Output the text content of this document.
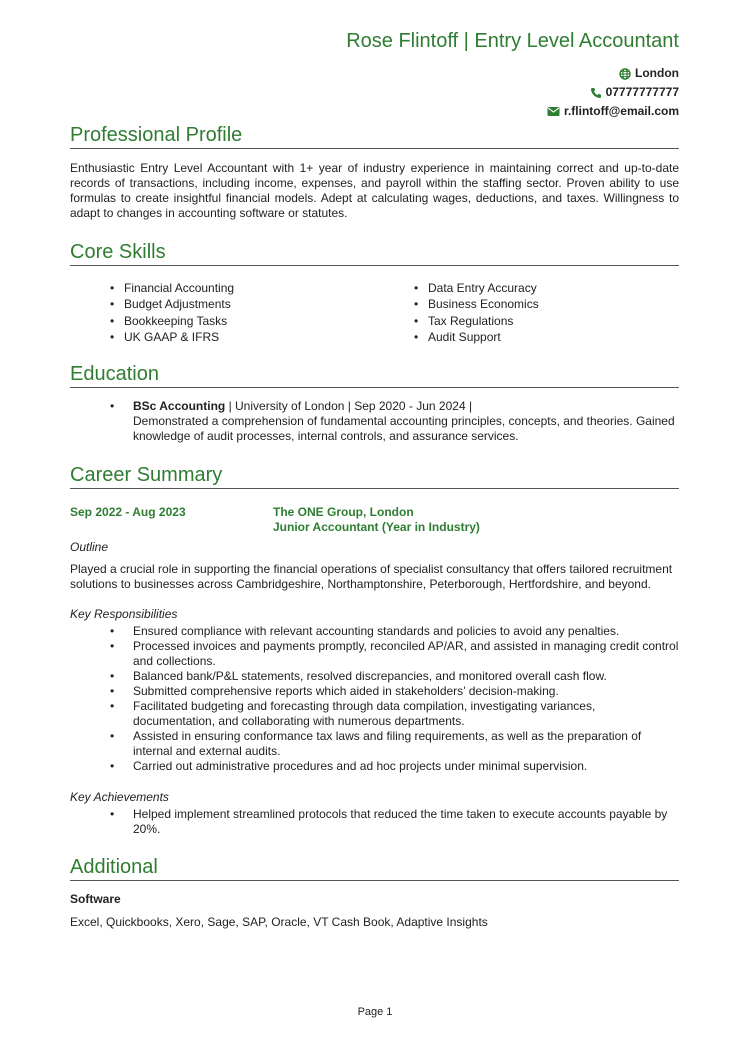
Rose Flintoff | Entry Level Accountant
London
07777777777
r.flintoff@email.com
Professional Profile
Enthusiastic Entry Level Accountant with 1+ year of industry experience in maintaining correct and up-to-date records of transactions, including income, expenses, and payroll within the staffing sector. Proven ability to use formulas to create insightful financial models. Adept at calculating wages, deductions, and taxes. Willingness to adapt to changes in accounting software or statutes.
Core Skills
• Financial Accounting
• Budget Adjustments
• Bookkeeping Tasks
• UK GAAP & IFRS
• Data Entry Accuracy
• Business Economics
• Tax Regulations
• Audit Support
Education
• BSc Accounting | University of London | Sep 2020 - Jun 2024 |
Demonstrated a comprehension of fundamental accounting principles, concepts, and theories. Gained
knowledge of audit processes, internal controls, and assurance services.
Career Summary
Sep 2022 - Aug 2023	The ONE Group, London
Junior Accountant (Year in Industry)
Outline
Played a crucial role in supporting the financial operations of specialist consultancy that offers tailored recruitment solutions to businesses across Cambridgeshire, Northamptonshire, Peterborough, Hertfordshire, and beyond.
Key Responsibilities
• Ensured compliance with relevant accounting standards and policies to avoid any penalties.
• Processed invoices and payments promptly, reconciled AP/AR, and assisted in managing credit control and collections.
• Balanced bank/P&L statements, resolved discrepancies, and monitored overall cash flow.
• Submitted comprehensive reports which aided in stakeholders’ decision-making.
• Facilitated budgeting and forecasting through data compilation, investigating variances, documentation, and collaborating with numerous departments.
• Assisted in ensuring conformance tax laws and filing requirements, as well as the preparation of internal and external audits.
• Carried out administrative procedures and ad hoc projects under minimal supervision.
Key Achievements
• Helped implement streamlined protocols that reduced the time taken to execute accounts payable by 20%.
Additional
Software
Excel, Quickbooks, Xero, Sage, SAP, Oracle, VT Cash Book, Adaptive Insights
Page 1
